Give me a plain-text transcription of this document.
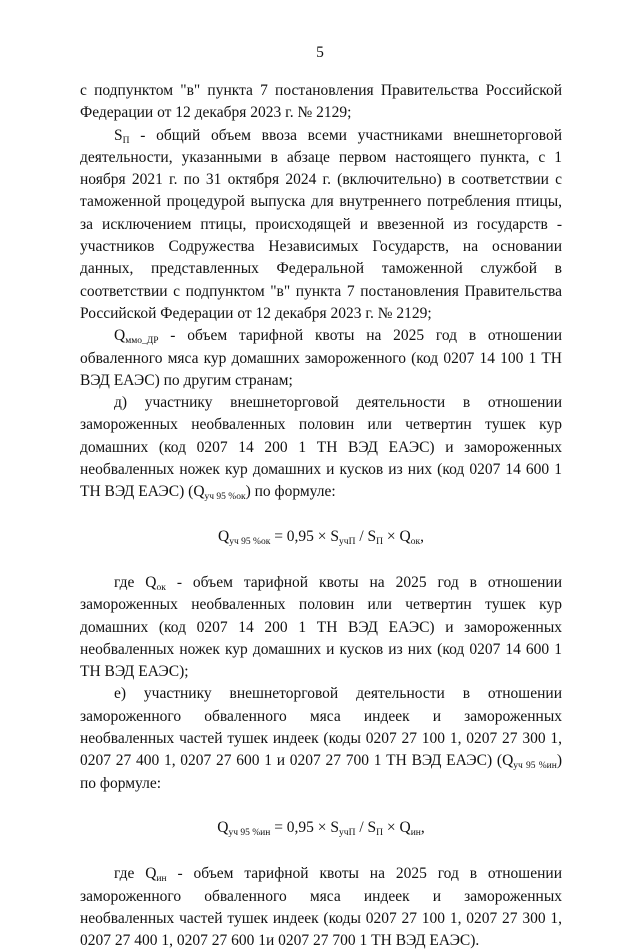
5

с подпунктом "в" пункта 7 постановления Правительства Российской Федерации от 12 декабря 2023 г. № 2129;

$S_П$ - общий объем ввоза всеми участниками внешнеторговой деятельности, указанными в абзаце первом настоящего пункта, с 1 ноября 2021 г. по 31 октября 2024 г. (включительно) в соответствии с таможенной процедурой выпуска для внутреннего потребления птицы, за исключением птицы, происходящей и ввезенной из государств - участников Содружества Независимых Государств, на основании данных, представленных Федеральной таможенной службой в соответствии с подпунктом "в" пункта 7 постановления Правительства Российской Федерации от 12 декабря 2023 г. № 2129;

$Q_{ммо\_ДР}$ - объем тарифной квоты на 2025 год в отношении обваленного мяса кур домашних замороженного (код 0207 14 100 1 ТН ВЭД ЕАЭС) по другим странам;

д) участнику внешнеторговой деятельности в отношении замороженных необваленных половин или четвертин тушек кур домашних (код 0207 14 200 1 ТН ВЭД ЕАЭС) и замороженных необваленных ножек кур домашних и кусков из них (код 0207 14 600 1 ТН ВЭД ЕАЭС) $(Q_{уч 95 \%ок})$ по формуле:

$Q_{уч 95 \%ок} = 0,95 \times S_{учП} / S_П \times Q_{ок}$,

где $Q_{ок}$ - объем тарифной квоты на 2025 год в отношении замороженных необваленных половин или четвертин тушек кур домашних (код 0207 14 200 1 ТН ВЭД ЕАЭС) и замороженных необваленных ножек кур домашних и кусков из них (код 0207 14 600 1 ТН ВЭД ЕАЭС);

е) участнику внешнеторговой деятельности в отношении замороженного обваленного мяса индеек и замороженных необваленных частей тушек индеек (коды 0207 27 100 1, 0207 27 300 1, 0207 27 400 1, 0207 27 600 1 и 0207 27 700 1 ТН ВЭД ЕАЭС) $(Q_{уч 95 \%ин})$ по формуле:

$Q_{уч 95 \%ин} = 0,95 \times S_{учП} / S_П \times Q_{ин}$,

где $Q_{ин}$ - объем тарифной квоты на 2025 год в отношении замороженного обваленного мяса индеек и замороженных необваленных частей тушек индеек (коды 0207 27 100 1, 0207 27 300 1, 0207 27 400 1, 0207 27 600 1и 0207 27 700 1 ТН ВЭД ЕАЭС).
